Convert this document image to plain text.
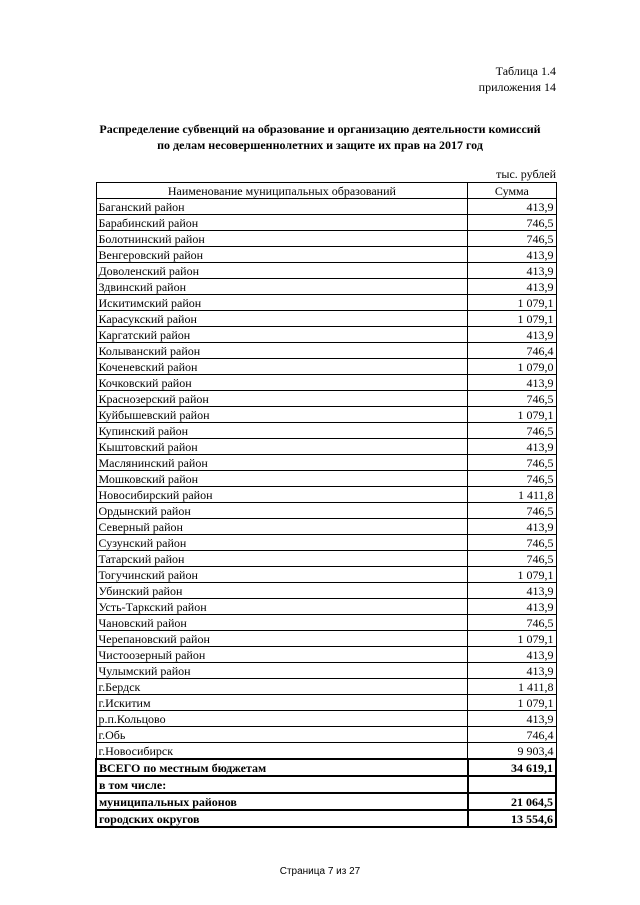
Таблица 1.4
приложения 14
Распределение субвенций на образование и организацию деятельности комиссий
по делам несовершеннолетних и защите их прав на 2017 год
тыс. рублей
Наименование муниципальных образований	Сумма
Баганский район	413,9
Барабинский район	746,5
Болотнинский район	746,5
Венгеровский район	413,9
Доволенский район	413,9
Здвинский район	413,9
Искитимский район	1 079,1
Карасукский район	1 079,1
Каргатский район	413,9
Колыванский район	746,4
Коченевский район	1 079,0
Кочковский район	413,9
Краснозерский район	746,5
Куйбышевский район	1 079,1
Купинский район	746,5
Кыштовский район	413,9
Маслянинский район	746,5
Мошковский район	746,5
Новосибирский район	1 411,8
Ордынский район	746,5
Северный район	413,9
Сузунский район	746,5
Татарский район	746,5
Тогучинский район	1 079,1
Убинский район	413,9
Усть-Таркский район	413,9
Чановский район	746,5
Черепановский район	1 079,1
Чистоозерный район	413,9
Чулымский район	413,9
г.Бердск	1 411,8
г.Искитим	1 079,1
р.п.Кольцово	413,9
г.Обь	746,4
г.Новосибирск	9 903,4
ВСЕГО по местным бюджетам	34 619,1
в том числе:	
муниципальных районов	21 064,5
городских округов	13 554,6
Страница 7 из 27
